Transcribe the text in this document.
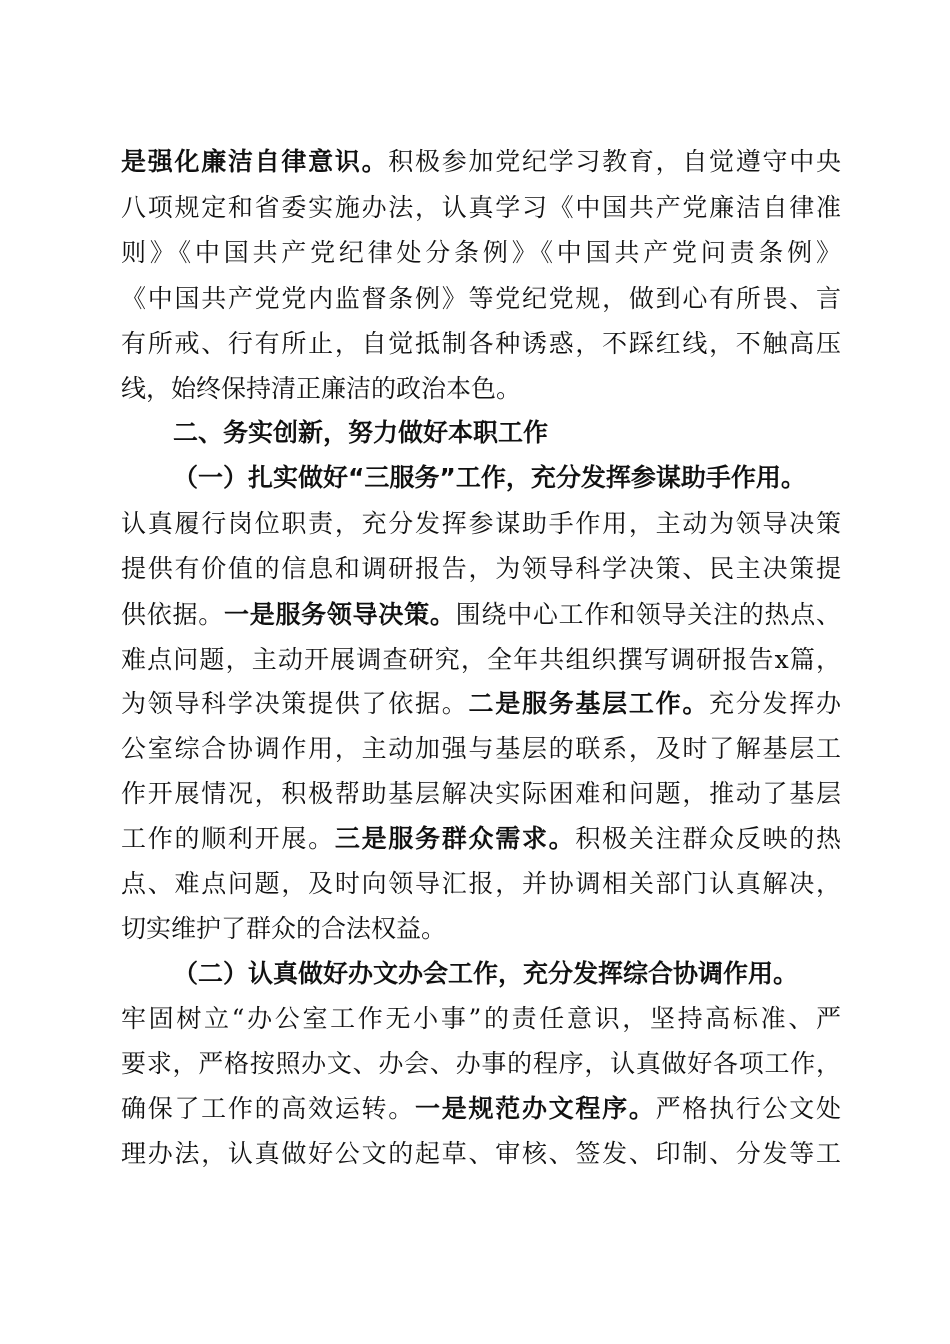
是强化廉洁自律意识。积极参加党纪学习教育，自觉遵守中央
八项规定和省委实施办法，认真学习《中国共产党廉洁自律准
则》《中国共产党纪律处分条例》《中国共产党问责条例》
《中国共产党党内监督条例》等党纪党规，做到心有所畏、言
有所戒、行有所止，自觉抵制各种诱惑，不踩红线，不触高压
线，始终保持清正廉洁的政治本色。
二、务实创新，努力做好本职工作
（一）扎实做好“三服务”工作，充分发挥参谋助手作用。
认真履行岗位职责，充分发挥参谋助手作用，主动为领导决策
提供有价值的信息和调研报告，为领导科学决策、民主决策提
供依据。一是服务领导决策。围绕中心工作和领导关注的热点、
难点问题，主动开展调查研究，全年共组织撰写调研报告x篇，
为领导科学决策提供了依据。二是服务基层工作。充分发挥办
公室综合协调作用，主动加强与基层的联系，及时了解基层工
作开展情况，积极帮助基层解决实际困难和问题，推动了基层
工作的顺利开展。三是服务群众需求。积极关注群众反映的热
点、难点问题，及时向领导汇报，并协调相关部门认真解决，
切实维护了群众的合法权益。
（二）认真做好办文办会工作，充分发挥综合协调作用。
牢固树立“办公室工作无小事”的责任意识，坚持高标准、严
要求，严格按照办文、办会、办事的程序，认真做好各项工作，
确保了工作的高效运转。一是规范办文程序。严格执行公文处
理办法，认真做好公文的起草、审核、签发、印制、分发等工
